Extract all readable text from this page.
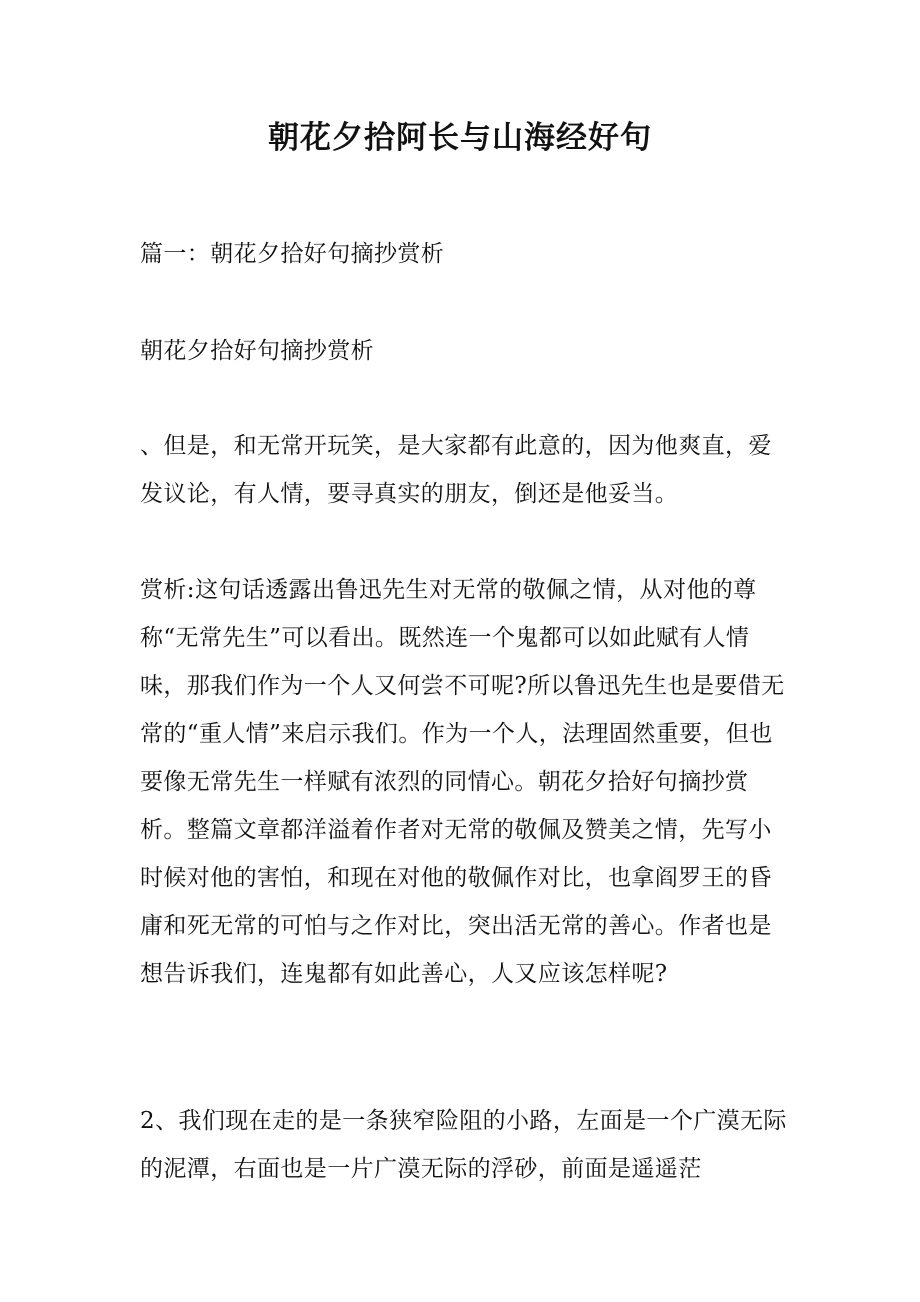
朝花夕拾阿长与山海经好句

篇一：朝花夕拾好句摘抄赏析

朝花夕拾好句摘抄赏析

、但是，和无常开玩笑，是大家都有此意的，因为他爽直，爱发议论，有人情，要寻真实的朋友，倒还是他妥当。

赏析:这句话透露出鲁迅先生对无常的敬佩之情，从对他的尊称“无常先生”可以看出。既然连一个鬼都可以如此赋有人情味，那我们作为一个人又何尝不可呢?所以鲁迅先生也是要借无常的“重人情”来启示我们。作为一个人，法理固然重要，但也要像无常先生一样赋有浓烈的同情心。朝花夕拾好句摘抄赏析。整篇文章都洋溢着作者对无常的敬佩及赞美之情，先写小时候对他的害怕，和现在对他的敬佩作对比，也拿阎罗王的昏庸和死无常的可怕与之作对比，突出活无常的善心。作者也是想告诉我们，连鬼都有如此善心，人又应该怎样呢?

2、我们现在走的是一条狭窄险阻的小路，左面是一个广漠无际的泥潭，右面也是一片广漠无际的浮砂，前面是遥遥茫
